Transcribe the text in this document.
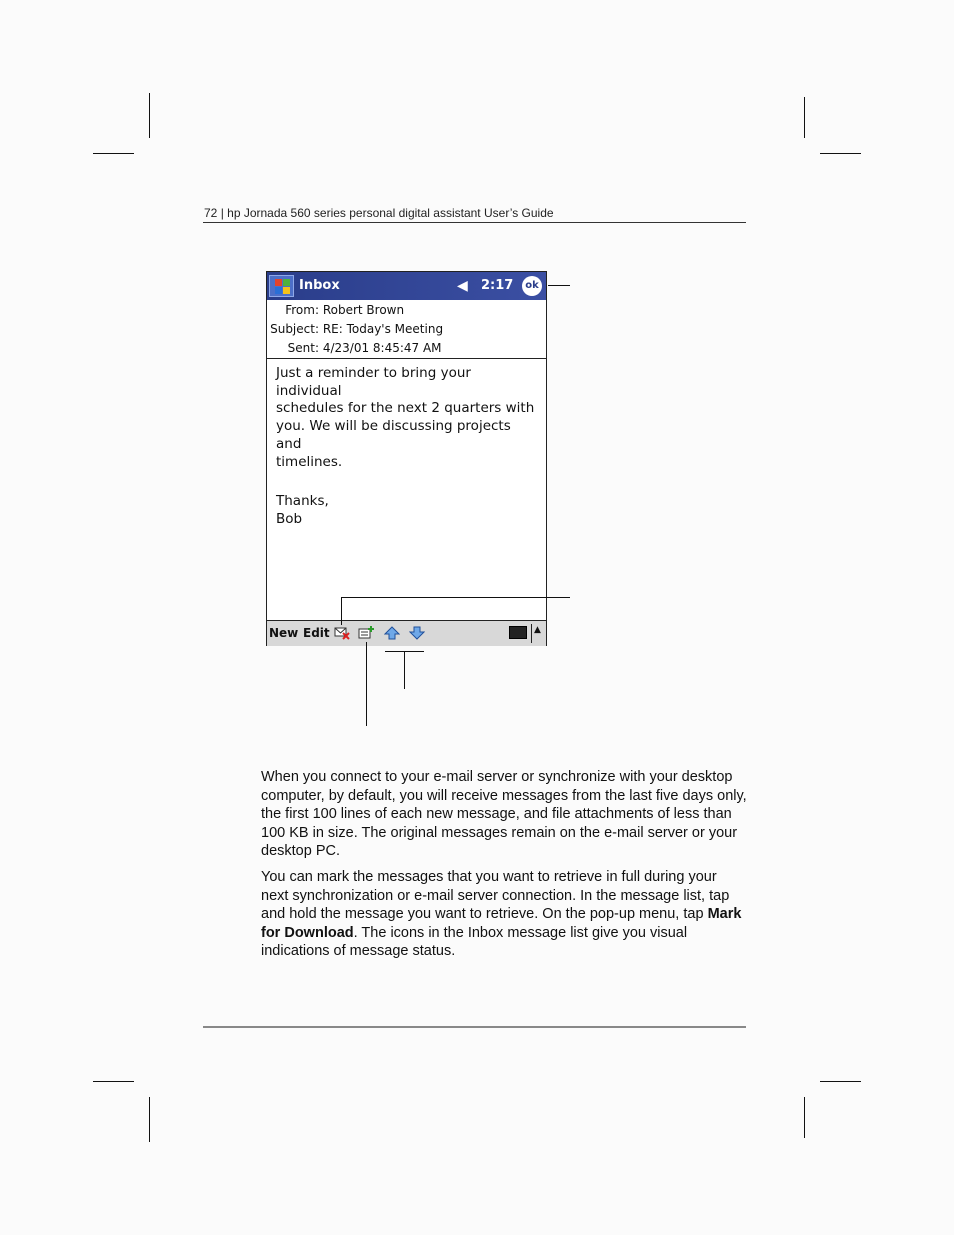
72 | hp Jornada 560 series personal digital assistant User’s Guide
Inbox	◀︎ 2:17	ok
From: Robert Brown
Subject: RE: Today's Meeting
Sent: 4/23/01 8:45:47 AM

Just a reminder to bring your individual

schedules for the next 2 quarters with

you. We will be discussing projects and

timelines.

Thanks,

Bob

New Edit	▲

When you connect to your e-mail server or synchronize with your desktop computer, by default, you will receive messages from the last five days only, the first 100 lines of each new message, and file attachments of less than 100 KB in size. The original messages remain on the e-mail server or your desktop PC.

You can mark the messages that you want to retrieve in full during your next synchronization or e-mail server connection. In the message list, tap and hold the message you want to retrieve. On the pop-up menu, tap Mark for Download. The icons in the Inbox message list give you visual indications of message status.
